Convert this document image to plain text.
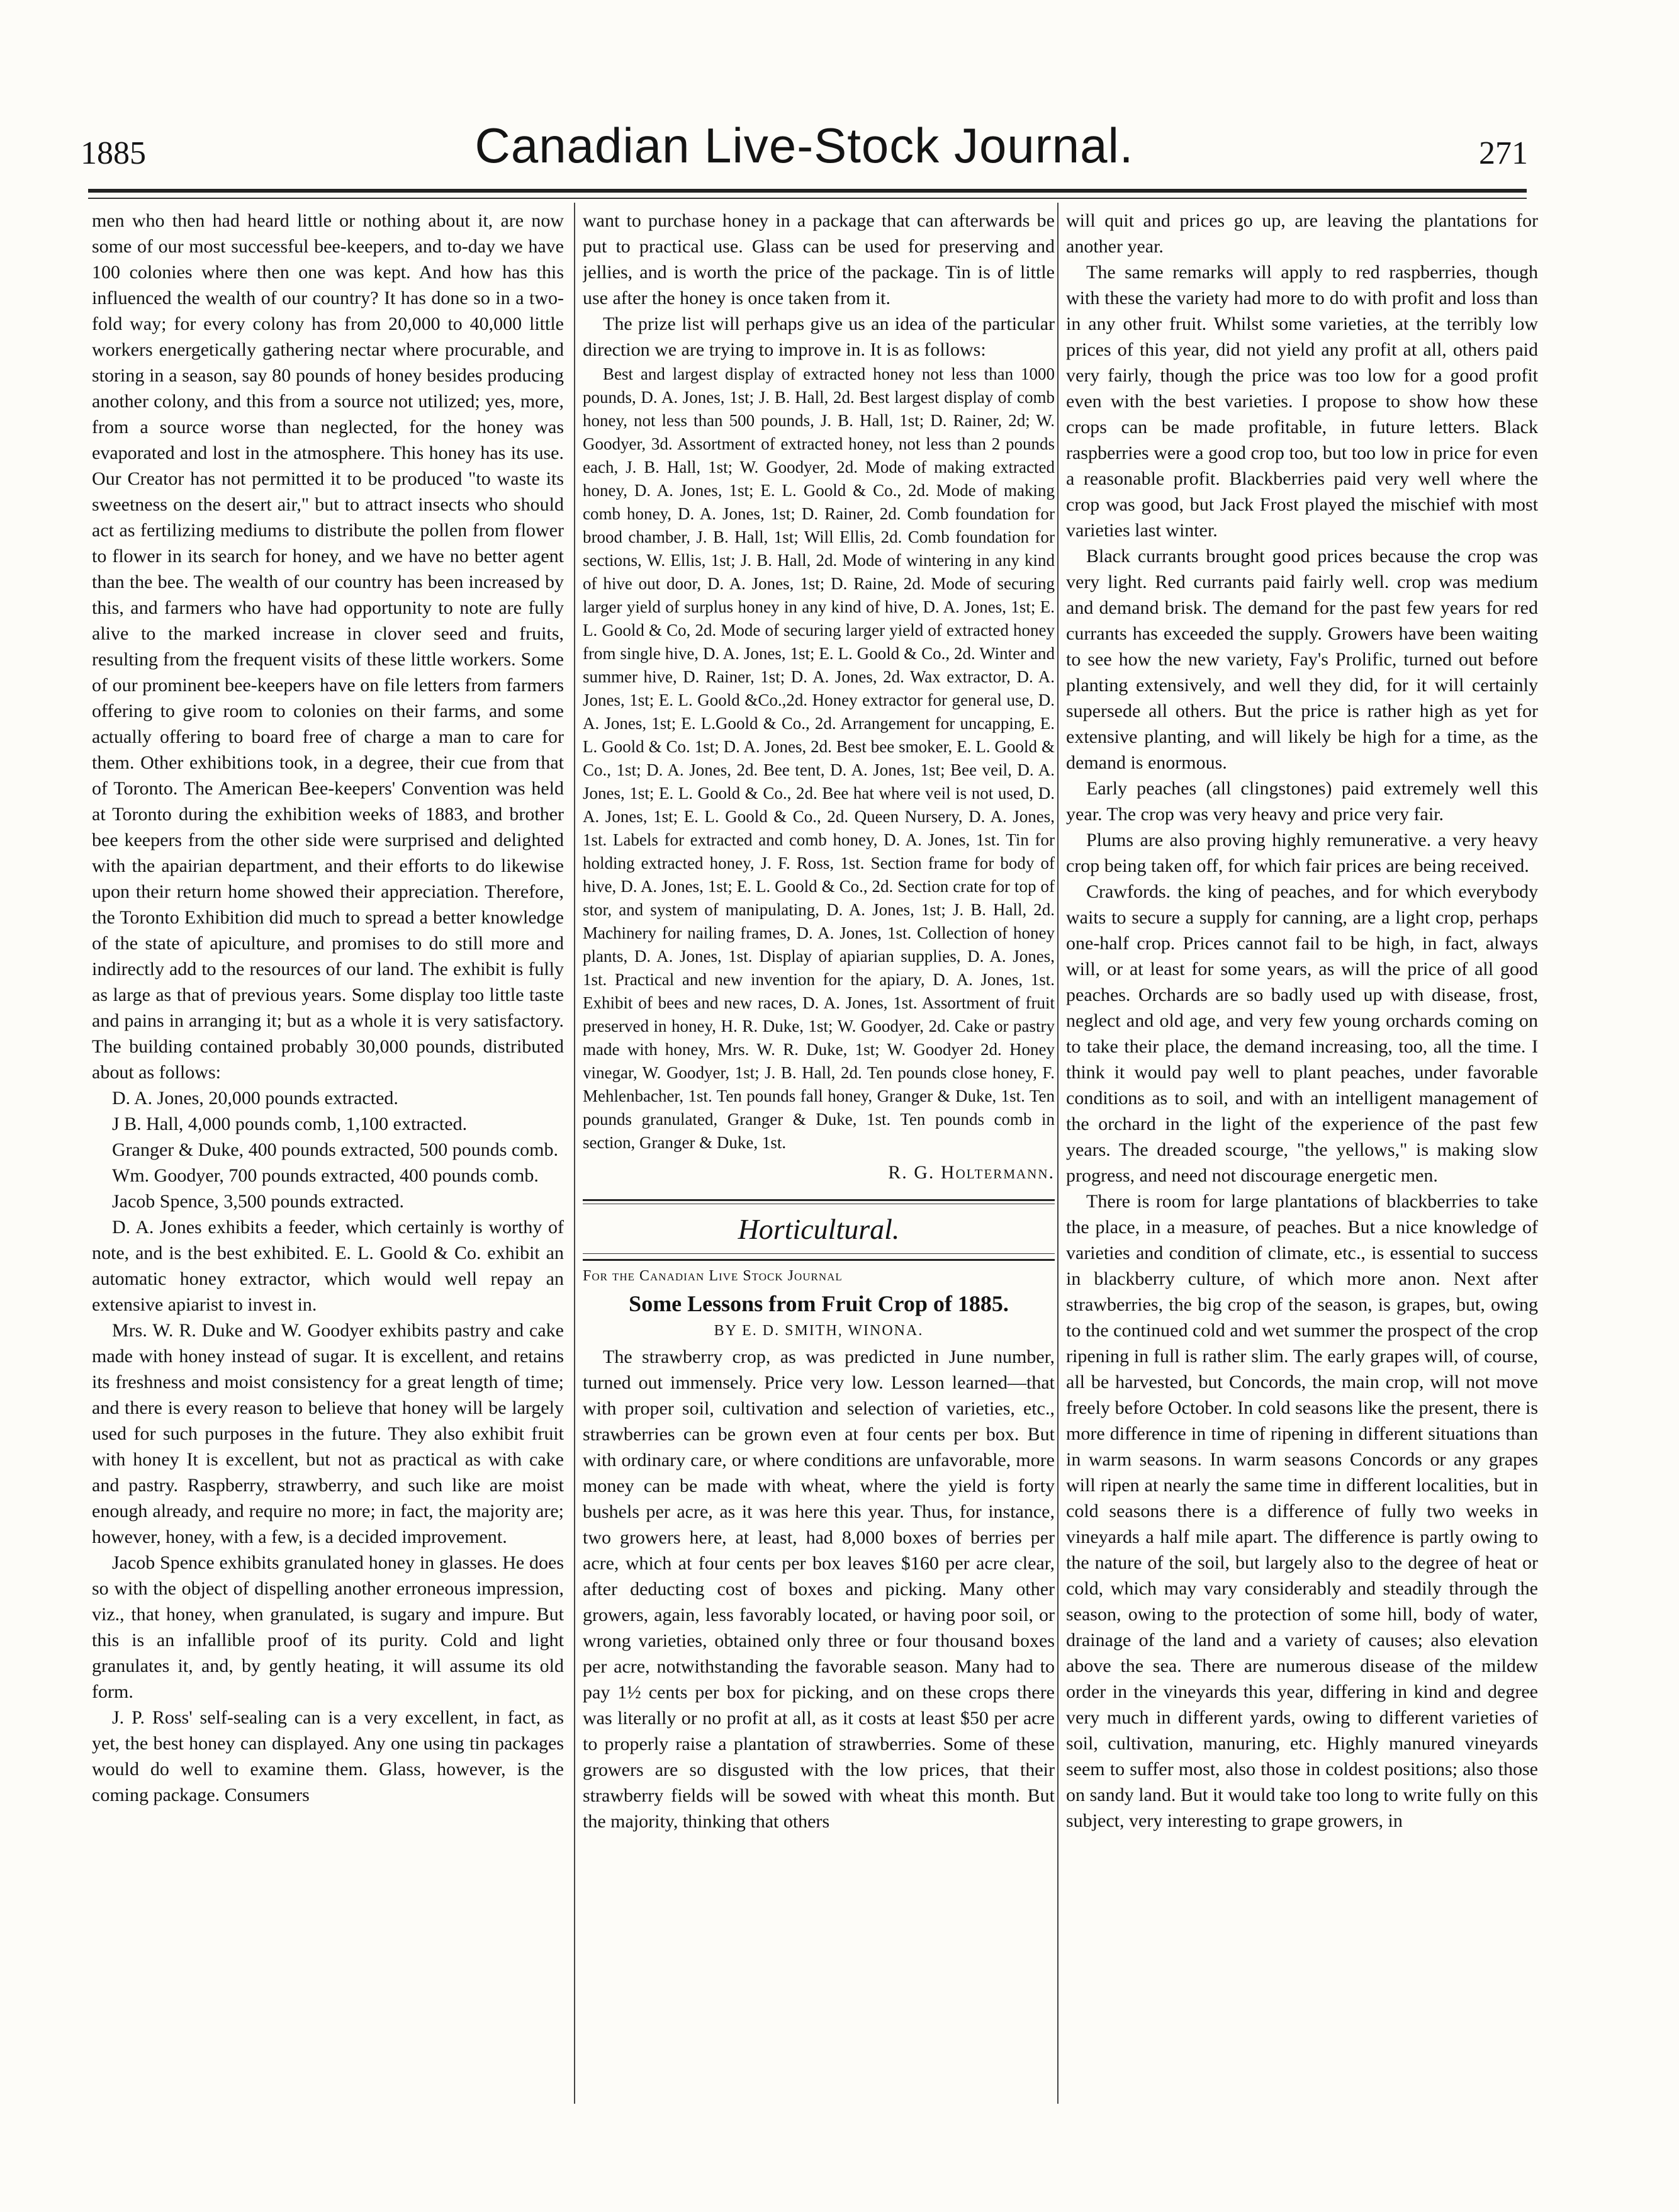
1885	Canadian Live-Stock Journal.	271

men who then had heard little or nothing about it, are now some of our most successful bee-keepers, and to-day we have 100 colonies where then one was kept. And how has this influenced the wealth of our country? It has done so in a two-fold way; for every colony has from 20,000 to 40,000 little workers energetically gathering nectar where procurable, and storing in a season, say 80 pounds of honey besides producing another colony, and this from a source not utilized; yes, more, from a source worse than neglected, for the honey was evaporated and lost in the atmosphere. This honey has its use. Our Creator has not permitted it to be produced "to waste its sweetness on the desert air," but to attract insects who should act as fertilizing mediums to distribute the pollen from flower to flower in its search for honey, and we have no better agent than the bee. The wealth of our country has been increased by this, and farmers who have had opportunity to note are fully alive to the marked increase in clover seed and fruits, resulting from the frequent visits of these little workers. Some of our prominent bee-keepers have on file letters from farmers offering to give room to colonies on their farms, and some actually offering to board free of charge a man to care for them. Other exhibitions took, in a degree, their cue from that of Toronto. The American Bee-keepers' Convention was held at Toronto during the exhibition weeks of 1883, and brother bee keepers from the other side were surprised and delighted with the apairian department, and their efforts to do likewise upon their return home showed their appreciation. Therefore, the Toronto Exhibition did much to spread a better knowledge of the state of apiculture, and promises to do still more and indirectly add to the resources of our land. The exhibit is fully as large as that of previous years. Some display too little taste and pains in arranging it; but as a whole it is very satisfactory. The building contained probably 30,000 pounds, distributed about as follows:

D. A. Jones, 20,000 pounds extracted.

J B. Hall, 4,000 pounds comb, 1,100 extracted.

Granger & Duke, 400 pounds extracted, 500 pounds comb.

Wm. Goodyer, 700 pounds extracted, 400 pounds comb.

Jacob Spence, 3,500 pounds extracted.

D. A. Jones exhibits a feeder, which certainly is worthy of note, and is the best exhibited. E. L. Goold & Co. exhibit an automatic honey extractor, which would well repay an extensive apiarist to invest in.

Mrs. W. R. Duke and W. Goodyer exhibits pastry and cake made with honey instead of sugar. It is excellent, and retains its freshness and moist consistency for a great length of time; and there is every reason to believe that honey will be largely used for such purposes in the future. They also exhibit fruit with honey It is excellent, but not as practical as with cake and pastry. Raspberry, strawberry, and such like are moist enough already, and require no more; in fact, the majority are; however, honey, with a few, is a decided improvement.

Jacob Spence exhibits granulated honey in glasses. He does so with the object of dispelling another erroneous impression, viz., that honey, when granulated, is sugary and impure. But this is an infallible proof of its purity. Cold and light granulates it, and, by gently heating, it will assume its old form.

J. P. Ross' self-sealing can is a very excellent, in fact, as yet, the best honey can displayed. Any one using tin packages would do well to examine them. Glass, however, is the coming package. Consumers

want to purchase honey in a package that can afterwards be put to practical use. Glass can be used for preserving and jellies, and is worth the price of the package. Tin is of little use after the honey is once taken from it.

The prize list will perhaps give us an idea of the particular direction we are trying to improve in. It is as follows:

Best and largest display of extracted honey not less than 1000 pounds, D. A. Jones, 1st; J. B. Hall, 2d. Best largest display of comb honey, not less than 500 pounds, J. B. Hall, 1st; D. Rainer, 2d; W. Goodyer, 3d. Assortment of extracted honey, not less than 2 pounds each, J. B. Hall, 1st; W. Goodyer, 2d. Mode of making extracted honey, D. A. Jones, 1st; E. L. Goold & Co., 2d. Mode of making comb honey, D. A. Jones, 1st; D. Rainer, 2d. Comb foundation for brood chamber, J. B. Hall, 1st; Will Ellis, 2d. Comb foundation for sections, W. Ellis, 1st; J. B. Hall, 2d. Mode of wintering in any kind of hive out door, D. A. Jones, 1st; D. Raine, 2d. Mode of securing larger yield of surplus honey in any kind of hive, D. A. Jones, 1st; E. L. Goold & Co, 2d. Mode of securing larger yield of extracted honey from single hive, D. A. Jones, 1st; E. L. Goold & Co., 2d. Winter and summer hive, D. Rainer, 1st; D. A. Jones, 2d. Wax extractor, D. A. Jones, 1st; E. L. Goold &Co.,2d. Honey extractor for general use, D. A. Jones, 1st; E. L.Goold & Co., 2d. Arrangement for uncapping, E. L. Goold & Co. 1st; D. A. Jones, 2d. Best bee smoker, E. L. Goold & Co., 1st; D. A. Jones, 2d. Bee tent, D. A. Jones, 1st; Bee veil, D. A. Jones, 1st; E. L. Goold & Co., 2d. Bee hat where veil is not used, D. A. Jones, 1st; E. L. Goold & Co., 2d. Queen Nursery, D. A. Jones, 1st. Labels for extracted and comb honey, D. A. Jones, 1st. Tin for holding extracted honey, J. F. Ross, 1st. Section frame for body of hive, D. A. Jones, 1st; E. L. Goold & Co., 2d. Section crate for top of stor, and system of manipulating, D. A. Jones, 1st; J. B. Hall, 2d. Machinery for nailing frames, D. A. Jones, 1st. Collection of honey plants, D. A. Jones, 1st. Display of apiarian supplies, D. A. Jones, 1st. Practical and new invention for the apiary, D. A. Jones, 1st. Exhibit of bees and new races, D. A. Jones, 1st. Assortment of fruit preserved in honey, H. R. Duke, 1st; W. Goodyer, 2d. Cake or pastry made with honey, Mrs. W. R. Duke, 1st; W. Goodyer 2d. Honey vinegar, W. Goodyer, 1st; J. B. Hall, 2d. Ten pounds close honey, F. Mehlenbacher, 1st. Ten pounds fall honey, Granger & Duke, 1st. Ten pounds granulated, Granger & Duke, 1st. Ten pounds comb in section, Granger & Duke, 1st.

R. G. Holtermann.

Horticultural.

For the Canadian Live Stock Journal

Some Lessons from Fruit Crop of 1885.

BY E. D. SMITH, WINONA.

The strawberry crop, as was predicted in June number, turned out immensely. Price very low. Lesson learned—that with proper soil, cultivation and selection of varieties, etc., strawberries can be grown even at four cents per box. But with ordinary care, or where conditions are unfavorable, more money can be made with wheat, where the yield is forty bushels per acre, as it was here this year. Thus, for instance, two growers here, at least, had 8,000 boxes of berries per acre, which at four cents per box leaves $160 per acre clear, after deducting cost of boxes and picking. Many other growers, again, less favorably located, or having poor soil, or wrong varieties, obtained only three or four thousand boxes per acre, notwithstanding the favorable season. Many had to pay 1½ cents per box for picking, and on these crops there was literally or no profit at all, as it costs at least $50 per acre to properly raise a plantation of strawberries. Some of these growers are so disgusted with the low prices, that their strawberry fields will be sowed with wheat this month. But the majority, thinking that others

will quit and prices go up, are leaving the plantations for another year.

The same remarks will apply to red raspberries, though with these the variety had more to do with profit and loss than in any other fruit. Whilst some varieties, at the terribly low prices of this year, did not yield any profit at all, others paid very fairly, though the price was too low for a good profit even with the best varieties. I propose to show how these crops can be made profitable, in future letters. Black raspberries were a good crop too, but too low in price for even a reasonable profit. Blackberries paid very well where the crop was good, but Jack Frost played the mischief with most varieties last winter.

Black currants brought good prices because the crop was very light. Red currants paid fairly well. crop was medium and demand brisk. The demand for the past few years for red currants has exceeded the supply. Growers have been waiting to see how the new variety, Fay's Prolific, turned out before planting extensively, and well they did, for it will certainly supersede all others. But the price is rather high as yet for extensive planting, and will likely be high for a time, as the demand is enormous.

Early peaches (all clingstones) paid extremely well this year. The crop was very heavy and price very fair.

Plums are also proving highly remunerative. a very heavy crop being taken off, for which fair prices are being received.

Crawfords. the king of peaches, and for which everybody waits to secure a supply for canning, are a light crop, perhaps one-half crop. Prices cannot fail to be high, in fact, always will, or at least for some years, as will the price of all good peaches. Orchards are so badly used up with disease, frost, neglect and old age, and very few young orchards coming on to take their place, the demand increasing, too, all the time. I think it would pay well to plant peaches, under favorable conditions as to soil, and with an intelligent management of the orchard in the light of the experience of the past few years. The dreaded scourge, "the yellows," is making slow progress, and need not discourage energetic men.

There is room for large plantations of blackberries to take the place, in a measure, of peaches. But a nice knowledge of varieties and condition of climate, etc., is essential to success in blackberry culture, of which more anon. Next after strawberries, the big crop of the season, is grapes, but, owing to the continued cold and wet summer the prospect of the crop ripening in full is rather slim. The early grapes will, of course, all be harvested, but Concords, the main crop, will not move freely before October. In cold seasons like the present, there is more difference in time of ripening in different situations than in warm seasons. In warm seasons Concords or any grapes will ripen at nearly the same time in different localities, but in cold seasons there is a difference of fully two weeks in vineyards a half mile apart. The difference is partly owing to the nature of the soil, but largely also to the degree of heat or cold, which may vary considerably and steadily through the season, owing to the protection of some hill, body of water, drainage of the land and a variety of causes; also elevation above the sea. There are numerous disease of the mildew order in the vineyards this year, differing in kind and degree very much in different yards, owing to different varieties of soil, cultivation, manuring, etc. Highly manured vineyards seem to suffer most, also those in coldest positions; also those on sandy land. But it would take too long to write fully on this subject, very interesting to grape growers, in
